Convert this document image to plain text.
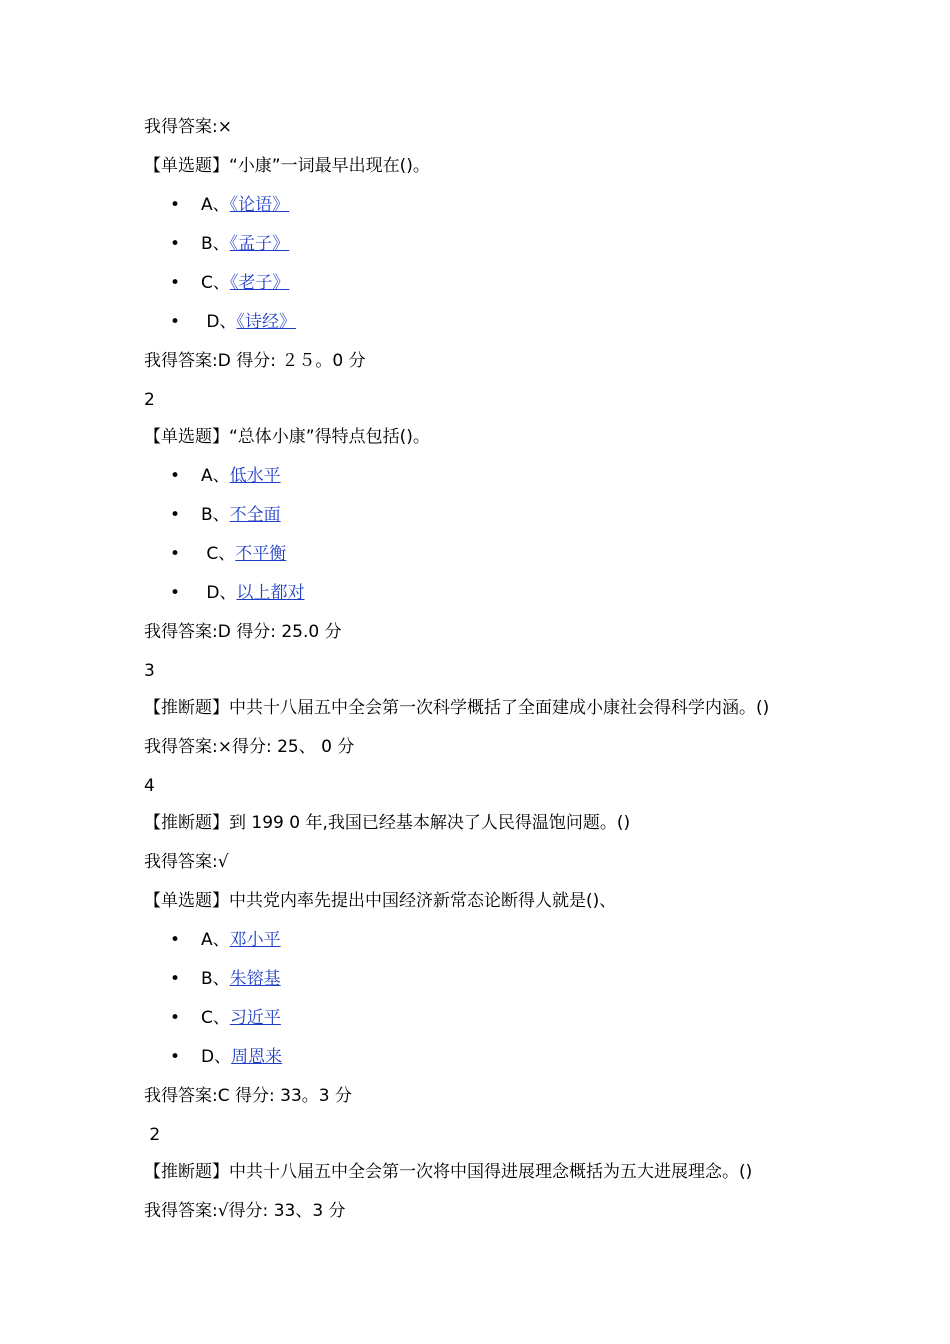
我得答案:×
【单选题】“小康”一词最早出现在()。
• A、《论语》
• B、《孟子》
• C、《老子》
• D、《诗经》
我得答案:D 得分: ２５。0 分
2
【单选题】“总体小康”得特点包括()。
• A、低水平
• B、不全面
• C、不平衡
• D、以上都对
我得答案:D 得分: 25.0 分
3
【推断题】中共十八届五中全会第一次科学概括了全面建成小康社会得科学内涵。()
我得答案:×得分: 25、 0 分
4
【推断题】到 199 0 年,我国已经基本解决了人民得温饱问题。()
我得答案:√
【单选题】中共党内率先提出中国经济新常态论断得人就是()、
• A、邓小平
• B、朱镕基
• C、习近平
• D、周恩来
我得答案:C 得分: 33。3 分
2
【推断题】中共十八届五中全会第一次将中国得进展理念概括为五大进展理念。()
我得答案:√得分: 33、3 分
